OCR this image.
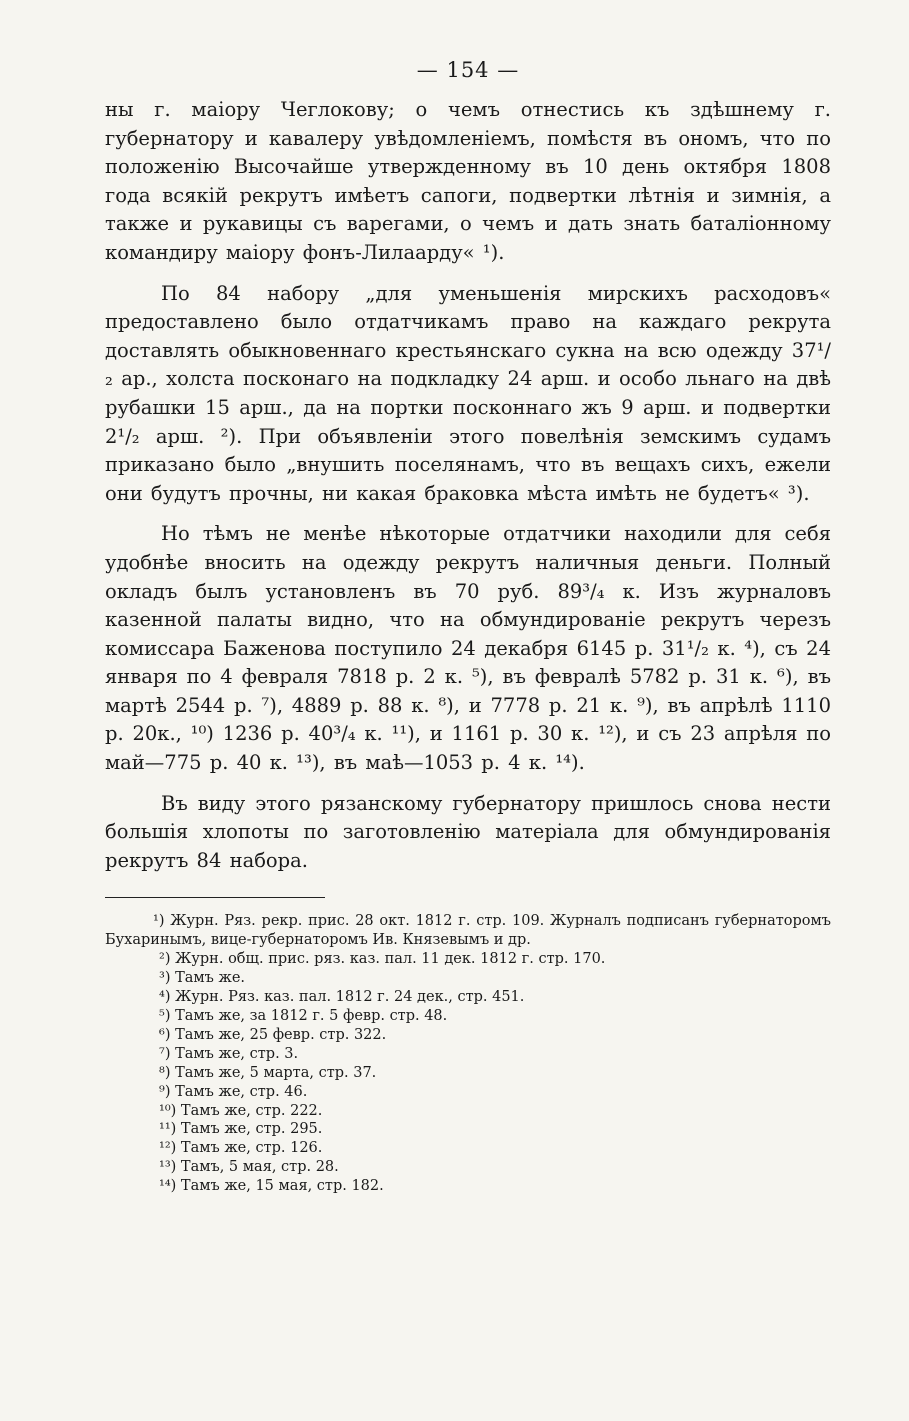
— 154 —

ны г. маіору Чеглокову; о чемъ отнестись къ здѣшнему г. губернатору и кавалеру увѣдомленіемъ, помѣстя въ ономъ, что по положенію Высочайше утвержденному въ 10 день октября 1808 года всякій рекрутъ имѣетъ сапоги, подвертки лѣтнія и зимнія, а также и рукавицы съ варегами, о чемъ и дать знать баталіонному командиру маіору фонъ-Лилаарду« ¹).

По 84 набору „для уменьшенія мирскихъ расходовъ« предоставлено было отдатчикамъ право на каждаго рекрута доставлять обыкновеннаго крестьянскаго сукна на всю одежду 37¹/₂ ар., холста посконаго на подкладку 24 арш. и особо льнаго на двѣ рубашки 15 арш., да на портки посконнаго жъ 9 арш. и подвертки 2¹/₂ арш. ²). При объявленіи этого повелѣнія земскимъ судамъ приказано было „внушить поселянамъ, что въ вещахъ сихъ, ежели они будутъ прочны, ни какая браковка мѣста имѣть не будетъ« ³).

Но тѣмъ не менѣе нѣкоторые отдатчики находили для себя удобнѣе вносить на одежду рекрутъ наличныя деньги. Полный окладъ былъ установленъ въ 70 руб. 89³/₄ к. Изъ журналовъ казенной палаты видно, что на обмундированіе рекрутъ черезъ комиссара Баженова поступило 24 декабря 6145 р. 31¹/₂ к. ⁴), съ 24 января по 4 февраля 7818 р. 2 к. ⁵), въ февралѣ 5782 р. 31 к. ⁶), въ мартѣ 2544 р. ⁷), 4889 р. 88 к. ⁸), и 7778 р. 21 к. ⁹), въ апрѣлѣ 1110 р. 20к., ¹⁰) 1236 р. 40³/₄ к. ¹¹), и 1161 р. 30 к. ¹²), и съ 23 апрѣля по май—775 р. 40 к. ¹³), въ маѣ—1053 р. 4 к. ¹⁴).

Въ виду этого рязанскому губернатору пришлось снова нести большія хлопоты по заготовленію матеріала для обмундированія рекрутъ 84 набора.

¹) Журн. Ряз. рекр. прис. 28 окт. 1812 г. стр. 109. Журналъ подписанъ губернаторомъ Бухаринымъ, вице-губернаторомъ Ив. Князевымъ и др.

²) Журн. общ. прис. ряз. каз. пал. 11 дек. 1812 г. стр. 170.

³) Тамъ же.

⁴) Журн. Ряз. каз. пал. 1812 г. 24 дек., стр. 451.

⁵) Тамъ же, за 1812 г. 5 февр. стр. 48.

⁶) Тамъ же, 25 февр. стр. 322.

⁷) Тамъ же, стр. 3.

⁸) Тамъ же, 5 марта, стр. 37.

⁹) Тамъ же, стр. 46.

¹⁰) Тамъ же, стр. 222.

¹¹) Тамъ же, стр. 295.

¹²) Тамъ же, стр. 126.

¹³) Тамъ, 5 мая, стр. 28.

¹⁴) Тамъ же, 15 мая, стр. 182.
